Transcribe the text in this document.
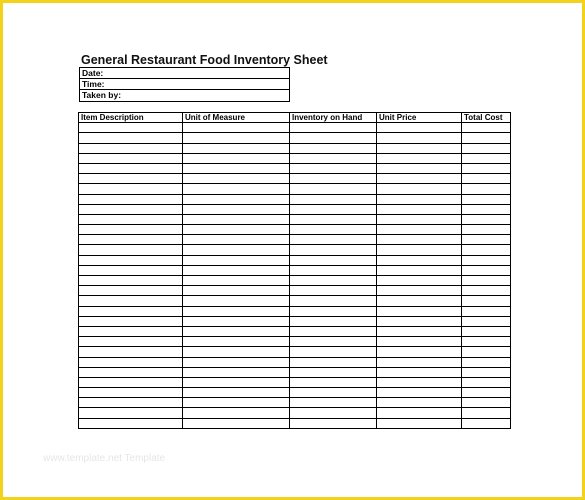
General Restaurant Food Inventory Sheet
Date:
Time:
Taken by:
Item Description	Unit of Measure	Inventory on Hand	Unit Price	Total Cost

www.template.net Template
